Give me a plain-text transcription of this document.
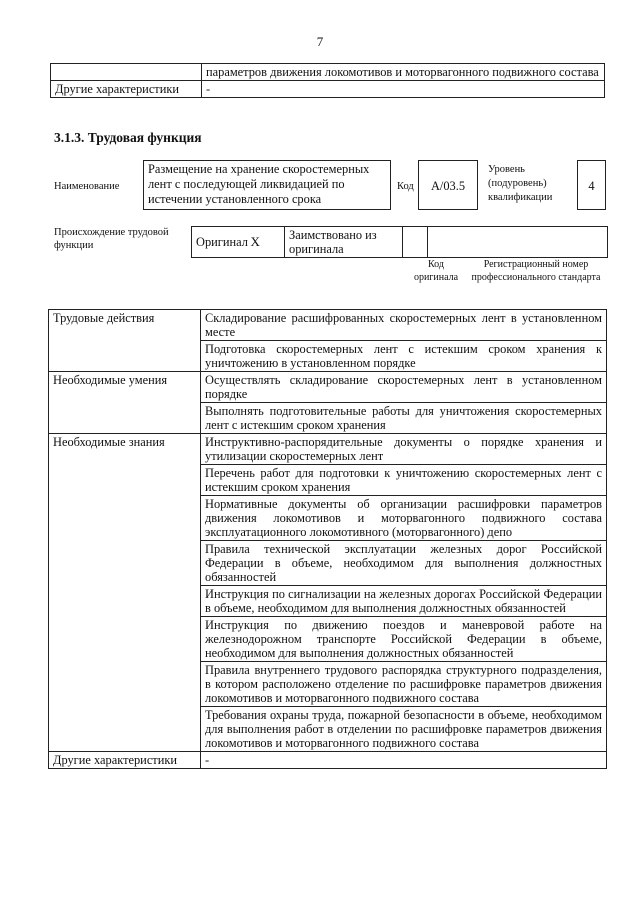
7
	параметров движения локомотивов и моторвагонного подвижного состава
Другие характеристики	-
3.1.3. Трудовая функция
Наименование
Размещение на хранение скоростемерных лент с последующей ликвидацией по истечении установленного срока
Код	А/03.5
Уровень (подуровень) квалификации
4
Происхождение трудовой функции	Оригинал	X	Заимствовано из оригинала		
Код оригинала
Регистрационный номер профессионального стандарта
Трудовые действия	Складирование расшифрованных скоростемерных лент в установленном месте
	Подготовка скоростемерных лент с истекшим сроком хранения к уничтожению в установленном порядке
Необходимые умения	Осуществлять складирование скоростемерных лент в установленном порядке
	Выполнять подготовительные работы для уничтожения скоростемерных лент с истекшим сроком хранения
Необходимые знания	Инструктивно-распорядительные документы о порядке хранения и утилизации скоростемерных лент
	Перечень работ для подготовки к уничтожению скоростемерных лент с истекшим сроком хранения
	Нормативные документы об организации расшифровки параметров движения локомотивов и моторвагонного подвижного состава эксплуатационного локомотивного (моторвагонного) депо
	Правила технической эксплуатации железных дорог Российской Федерации в объеме, необходимом для выполнения должностных обязанностей
	Инструкция по сигнализации на железных дорогах Российской Федерации в объеме, необходимом для выполнения должностных обязанностей
	Инструкция по движению поездов и маневровой работе на железнодорожном транспорте Российской Федерации в объеме, необходимом для выполнения должностных обязанностей
	Правила внутреннего трудового распорядка структурного подразделения, в котором расположено отделение по расшифровке параметров движения локомотивов и моторвагонного подвижного состава
	Требования охраны труда, пожарной безопасности в объеме, необходимом для выполнения работ в отделении по расшифровке параметров движения локомотивов и моторвагонного подвижного состава
Другие характеристики	-
